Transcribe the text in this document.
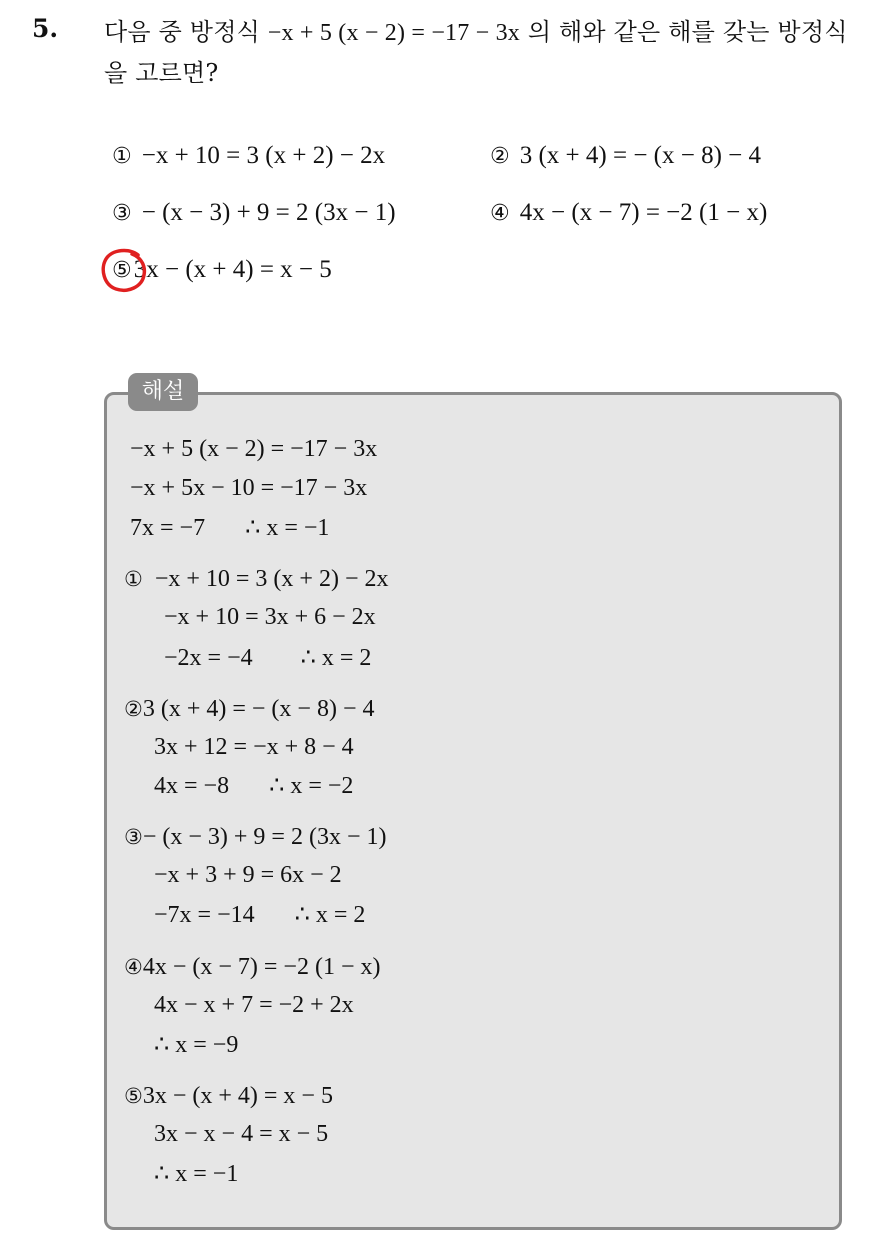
5. 다음 중 방정식 −x + 5 (x − 2) = −17 − 3x 의 해와 같은 해를 갖는 방정식을 고르면?
① −x + 10 = 3 (x + 2) − 2x	② 3 (x + 4) = − (x − 8) − 4
③ − (x − 3) + 9 = 2 (3x − 1)	④ 4x − (x − 7) = −2 (1 − x)
⑤3x − (x + 4) = x − 5
해설
−x + 5 (x − 2) = −17 − 3x
−x + 5x − 10 = −17 − 3x
7x = −7 ∴ x = −1
① −x + 10 = 3 (x + 2) − 2x
−x + 10 = 3x + 6 − 2x
−2x = −4 ∴ x = 2
②3 (x + 4) = − (x − 8) − 4
3x + 12 = −x + 8 − 4
4x = −8 ∴ x = −2
③− (x − 3) + 9 = 2 (3x − 1)
−x + 3 + 9 = 6x − 2
−7x = −14 ∴ x = 2
④4x − (x − 7) = −2 (1 − x)
4x − x + 7 = −2 + 2x
∴ x = −9
⑤3x − (x + 4) = x − 5
3x − x − 4 = x − 5
∴ x = −1
